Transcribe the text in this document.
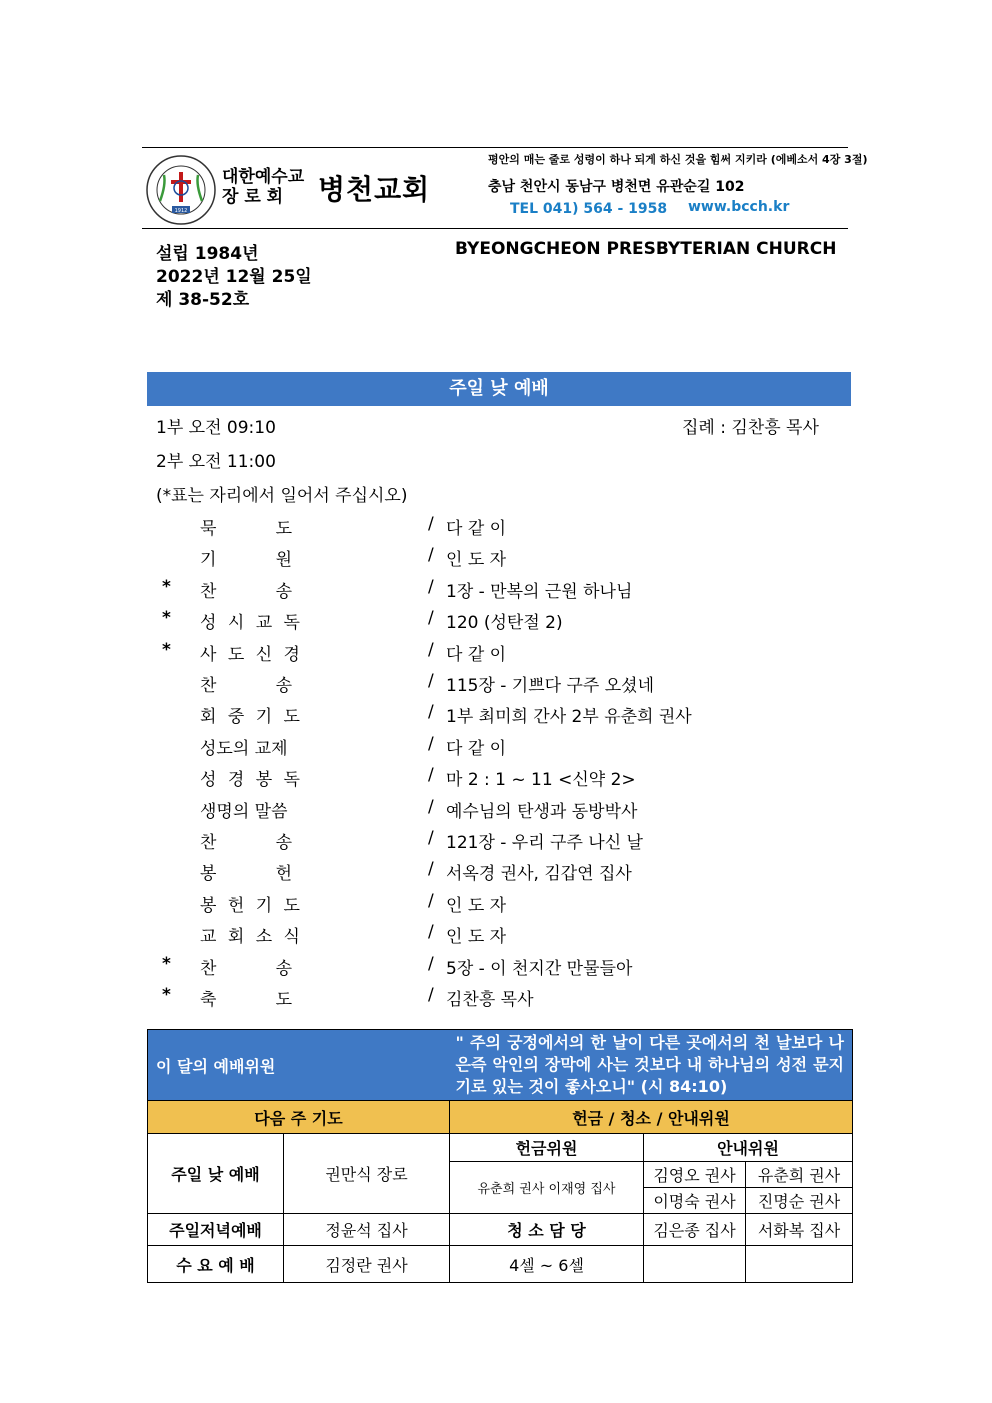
1912
대한예수교
장 로 회	병천교회
평안의 매는 줄로 성령이 하나 되게 하신 것을 힘써 지키라 (에베소서 4장 3절)
충남 천안시 동남구 병천면 유관순길 102
TEL 041) 564 - 1958 www.bcch.kr
설립 1984년
2022년 12월 25일
제 38-52호
BYEONGCHEON PRESBYTERIAN CHURCH
주일 낮 예배
1부 오전 09:10	집례 : 김찬흥 목사
2부 오전 11:00
(*표는 자리에서 일어서 주십시오)
묵	도	/ 다 같 이
기	원	/ 인 도 자
* 찬	송	/ 1장 - 만복의 근원 하나님
* 성 시 교 독	/ 120 (성탄절 2)
* 사 도 신 경	/ 다 같 이
찬	송	/ 115장 - 기쁘다 구주 오셨네
회 중 기 도	/ 1부 최미희 간사 2부 유춘희 권사
성도의 교제	/ 다 같 이
성 경 봉 독	/ 마 2 : 1 ~ 11 <신약 2>
생명의 말씀	/ 예수님의 탄생과 동방박사
찬	송	/ 121장 - 우리 구주 나신 날
봉	헌	/ 서옥경 권사, 김갑연 집사
봉 헌 기 도	/ 인 도 자
교 회 소 식	/ 인 도 자
* 찬	송	/ 5장 - 이 천지간 만물들아
* 축	도	/ 김찬흥 목사
이 달의 예배위원		" 주의 궁정에서의 한 날이 다른 곳에서의 천 날보다 나은즉 악인의 장막에 사는 것보다 내 하나님의 성전 문지기로 있는 것이 좋사오니" (시 84:10)		
다음 주 기도		헌금 / 청소 / 안내위원		
주일 낮 예배	권만식 장로	헌금위원	안내위원	
		유춘희 권사 이재영 집사	김영오 권사	유춘희 권사
			이명숙 권사	진명순 권사
주일저녁예배	정윤석 집사	청 소 담 당	김은종 집사	서화복 집사
수 요 예 배	김정란 권사	4셀 ~ 6셀		
